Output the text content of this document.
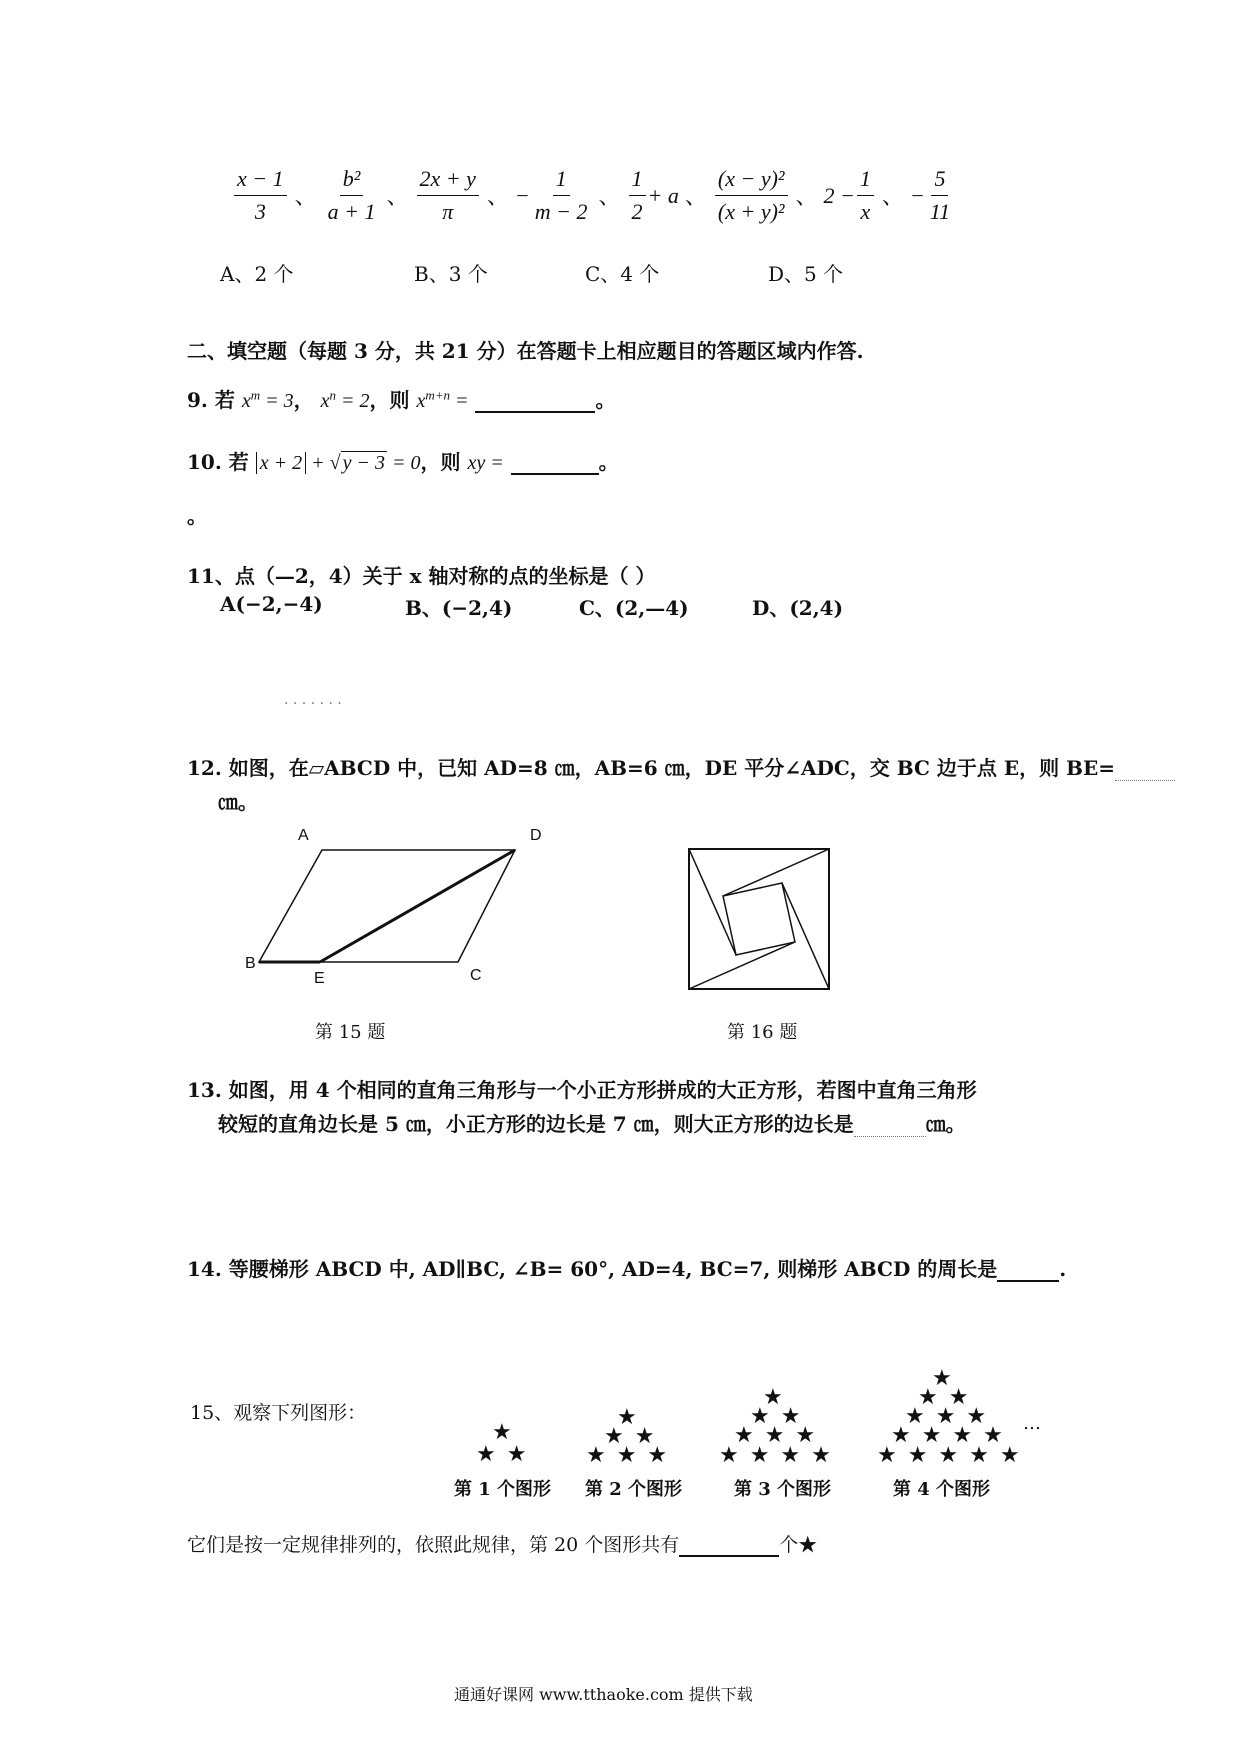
$\frac{x - 1}{3}$ 、 $\frac{\text{b²}}{a + 1}$ 、 $\frac{2x + y}{\pi}$ 、 − $\frac{1}{m - 2}$ 、 $\frac{1}{2} + a$ 、 $\frac{\text{(x − y)²}}{\text{(x + y)²}}$ 、 $2 - \frac{1}{x}$ 、 − $\frac{5}{11}$
A、2 个	B、3 个	C、4 个	D、5 个
二、填空题（每题 3 分，共 21 分）在答题卡上相应题目的答题区域内作答.
9. 若 $x^m = 3$， $x^n = 2$，则 $x^{m+n}$ =	。
10. 若 x + 2 + √ y − 3 = 0，则 xy =	。
。
11、点（—2，4）关于 x 轴对称的点的坐标是（ ）
A(−2,−4)	B、(−2,4)	C、(2,—4)	D、(2,4)
. . . . . . .
12. 如图，在▱ABCD 中，已知 AD=8 ㎝，AB=6 ㎝，DE 平分∠ADC，交 BC 边于点 E，则 BE=
㎝。
A	D
B
E	C
第 15 题	第 16 题
13. 如图，用 4 个相同的直角三角形与一个小正方形拼成的大正方形，若图中直角三角形
较短的直角边长是 5 ㎝，小正方形的边长是 7 ㎝，则大正方形的边长是	㎝。
14. 等腰梯形 ABCD 中, AD∥BC, ∠B= 60°, AD=4, BC=7, 则梯形 ABCD 的周长是	.
15、观察下列图形：
★
★ ★
★
★ ★
★ ★ ★
★
★ ★
★ ★ ★
★ ★ ★ ★
★
★ ★
★ ★ ★
★ ★ ★ ★
★ ★ ★ ★ ★
…
第 1 个图形 第 2 个图形	第 3 个图形	第 4 个图形
它们是按一定规律排列的，依照此规律，第 20 个图形共有	个★
通通好课网 www.tthaoke.com 提供下载
